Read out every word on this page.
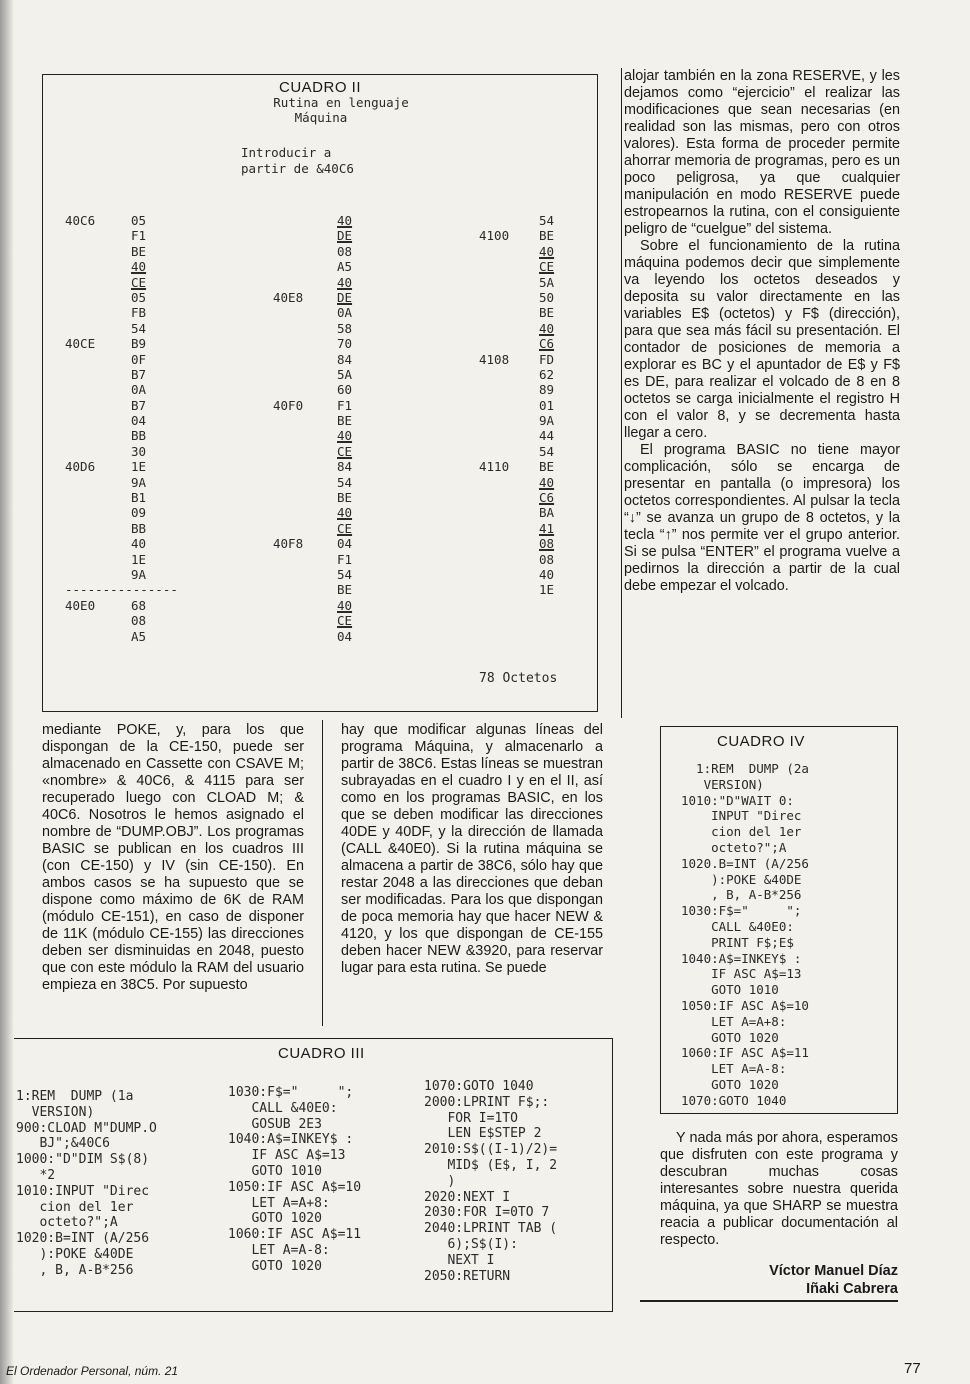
CUADRO II
Rutina en lenguaje
Máquina
Introducir a
partir de &40C6
40C6
40CE
40D6
40E0
05
F1
BE
40
CE
05
FB
54
B9
0F
B7
0A
B7
04
BB
30
1E
9A
B1
09
BB
40
1E
9A
---------------
68
08
A5
40E8
40F0
40F8
40
DE
08
A5
40
DE
0A
58
70
84
5A
60
F1
BE
40
CE
84
54
BE
40
CE
04
F1
54
BE
40
CE
04
4100
4108
4110
54
BE
40
CE
5A
50
BE
40
C6
FD
62
89
01
9A
44
54
BE
40
C6
BA
41
08
08
40
1E
78 Octetos

alojar también en la zona RESERVE, y les dejamos como “ejercicio” el realizar las modificaciones que sean necesarias (en realidad son las mismas, pero con otros valores). Esta forma de proceder permite ahorrar memoria de programas, pero es un poco peligrosa, ya que cualquier manipulación en modo RESERVE puede estropearnos la rutina, con el consiguiente peligro de “cuelgue” del sistema.

Sobre el funcionamiento de la rutina máquina podemos decir que simplemente va leyendo los octetos deseados y deposita su valor directamente en las variables E$ (octetos) y F$ (dirección), para que sea más fácil su presentación. El contador de posiciones de memoria a explorar es BC y el apuntador de E$ y F$ es DE, para realizar el volcado de 8 en 8 octetos se carga inicialmente el registro H con el valor 8, y se decrementa hasta llegar a cero.

El programa BASIC no tiene mayor complicación, sólo se encarga de presentar en pantalla (o impresora) los octetos correspondientes. Al pulsar la tecla “↓” se avanza un grupo de 8 octetos, y la tecla “↑” nos permite ver el grupo anterior. Si se pulsa “ENTER” el programa vuelve a pedirnos la dirección a partir de la cual debe empezar el volcado.

mediante POKE, y, para los que dispongan de la CE-150, puede ser almacenado en Cassette con CSAVE M; «nombre» & 40C6, & 4115 para ser recuperado luego con CLOAD M; & 40C6. Nosotros le hemos asignado el nombre de “DUMP.OBJ”. Los programas BASIC se publican en los cuadros III (con CE-150) y IV (sin CE-150). En ambos casos se ha supuesto que se dispone como máximo de 6K de RAM (módulo CE-151), en caso de disponer de 11K (módulo CE-155) las direcciones deben ser disminuidas en 2048, puesto que con este módulo la RAM del usuario empieza en 38C5. Por supuesto

hay que modificar algunas líneas del programa Máquina, y almacenarlo a partir de 38C6. Estas líneas se muestran subrayadas en el cuadro I y en el II, así como en los programas BASIC, en los que se deben modificar las direcciones 40DE y 40DF, y la dirección de llamada (CALL &40E0). Si la rutina máquina se almacena a partir de 38C6, sólo hay que restar 2048 a las direcciones que deban ser modificadas. Para los que dispongan de poca memoria hay que hacer NEW & 4120, y los que dispongan de CE-155 deben hacer NEW &3920, para reservar lugar para esta rutina. Se puede

CUADRO IV
1:REM  DUMP (2a
VERSION)
1010:"D"WAIT 0:
INPUT "Direc
cion del 1er
octeto?";A
1020.B=INT (A/256
):POKE &40DE
, B, A-B*256
1030:F$="     ";
CALL &40E0:
PRINT F$;E$
1040:A$=INKEY$ :
IF ASC A$=13
GOTO 1010
1050:IF ASC A$=10
LET A=A+8:
GOTO 1020
1060:IF ASC A$=11
LET A=A-8:
GOTO 1020
1070:GOTO 1040
CUADRO III
1:REM  DUMP (1a
VERSION)
900:CLOAD M"DUMP.O
BJ";&40C6
1000:"D"DIM S$(8)
*2
1010:INPUT "Direc
cion del 1er
octeto?";A
1020:B=INT (A/256
):POKE &40DE
, B, A-B*256
1030:F$="     ";
CALL &40E0:
GOSUB 2E3
1040:A$=INKEY$ :
IF ASC A$=13
GOTO 1010
1050:IF ASC A$=10
LET A=A+8:
GOTO 1020
1060:IF ASC A$=11
LET A=A-8:
GOTO 1020
1070:GOTO 1040
2000:LPRINT F$;:
FOR I=1TO
LEN E$STEP 2
2010:S$((I-1)/2)=
MID$ (E$, I, 2
)
2020:NEXT I
2030:FOR I=0TO 7
2040:LPRINT TAB (
6);S$(I):
NEXT I
2050:RETURN

Y nada más por ahora, esperamos que disfruten con este programa y descubran muchas cosas interesantes sobre nuestra querida máquina, ya que SHARP se muestra reacia a publicar documentación al respecto.

Víctor Manuel Díaz
Iñaki Cabrera
El Ordenador Personal, núm. 21	77
